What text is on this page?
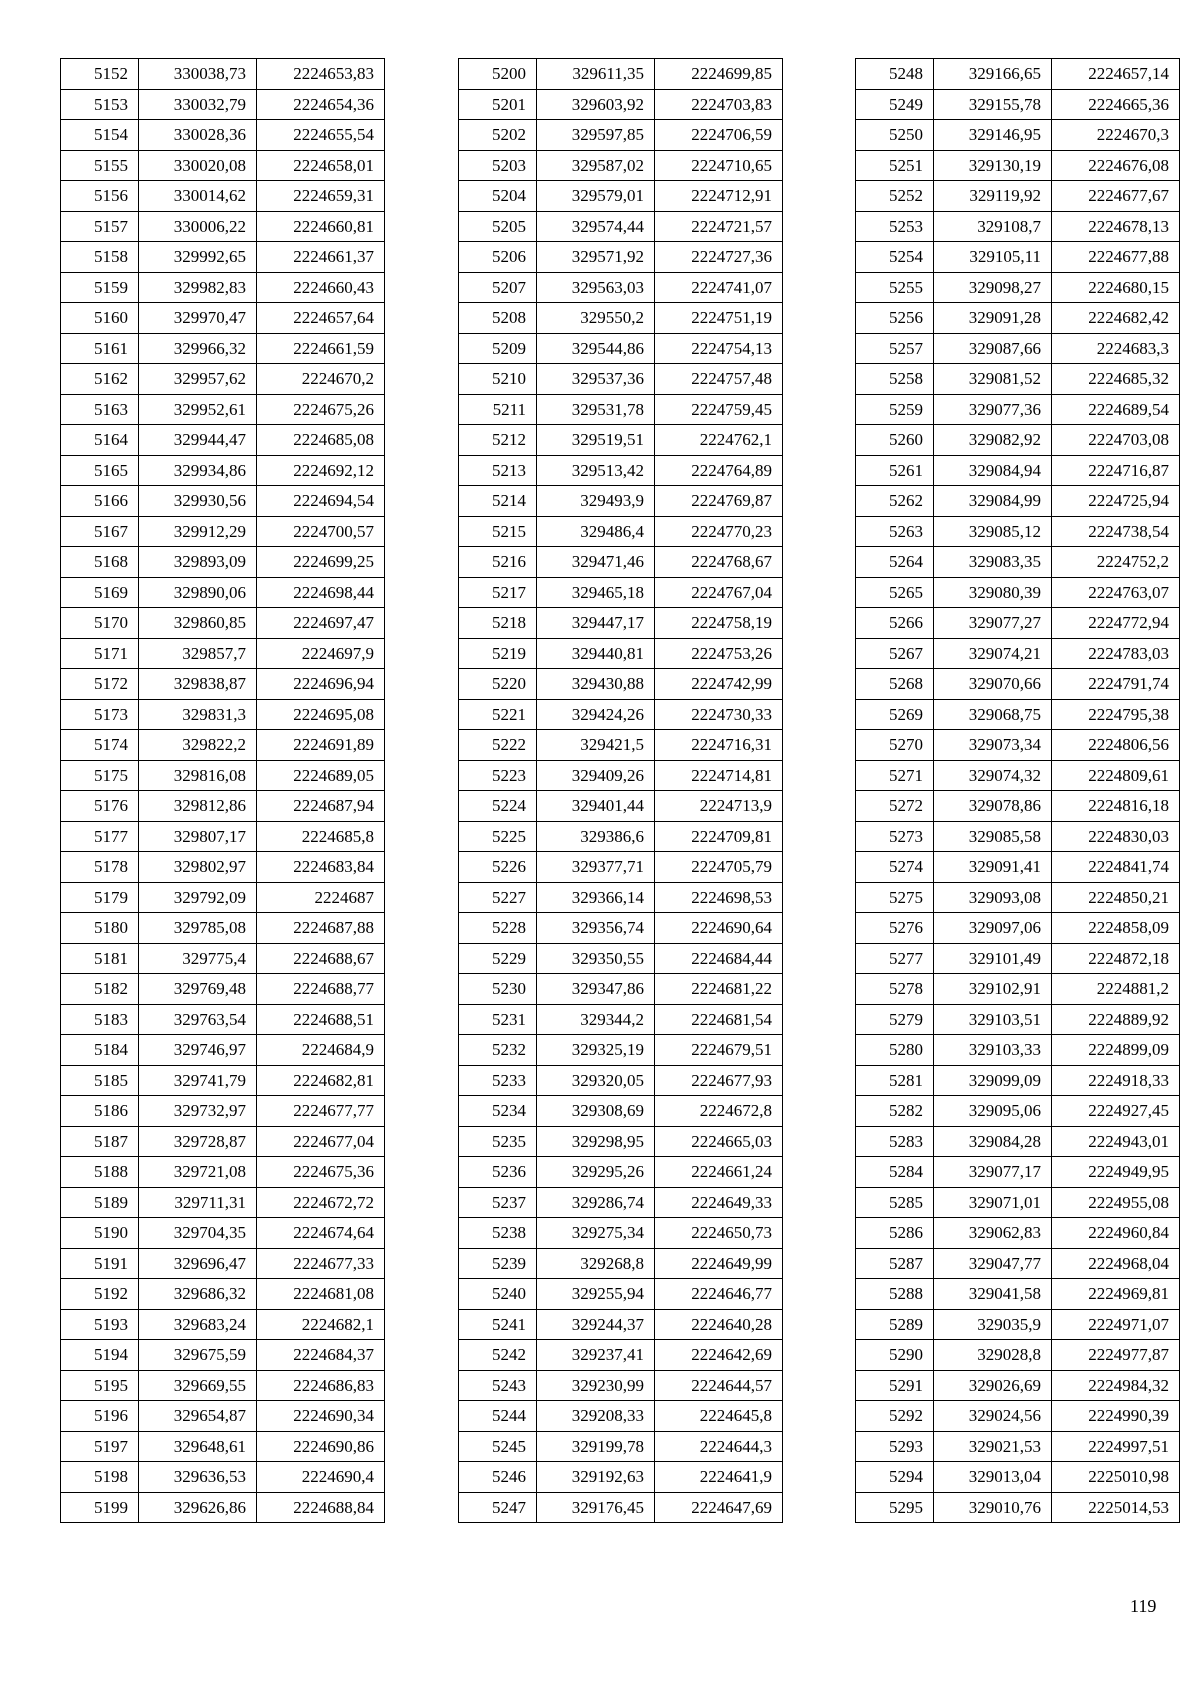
5152	330038,73	2224653,83
5153	330032,79	2224654,36
5154	330028,36	2224655,54
5155	330020,08	2224658,01
5156	330014,62	2224659,31
5157	330006,22	2224660,81
5158	329992,65	2224661,37
5159	329982,83	2224660,43
5160	329970,47	2224657,64
5161	329966,32	2224661,59
5162	329957,62	2224670,2
5163	329952,61	2224675,26
5164	329944,47	2224685,08
5165	329934,86	2224692,12
5166	329930,56	2224694,54
5167	329912,29	2224700,57
5168	329893,09	2224699,25
5169	329890,06	2224698,44
5170	329860,85	2224697,47
5171	329857,7	2224697,9
5172	329838,87	2224696,94
5173	329831,3	2224695,08
5174	329822,2	2224691,89
5175	329816,08	2224689,05
5176	329812,86	2224687,94
5177	329807,17	2224685,8
5178	329802,97	2224683,84
5179	329792,09	2224687
5180	329785,08	2224687,88
5181	329775,4	2224688,67
5182	329769,48	2224688,77
5183	329763,54	2224688,51
5184	329746,97	2224684,9
5185	329741,79	2224682,81
5186	329732,97	2224677,77
5187	329728,87	2224677,04
5188	329721,08	2224675,36
5189	329711,31	2224672,72
5190	329704,35	2224674,64
5191	329696,47	2224677,33
5192	329686,32	2224681,08
5193	329683,24	2224682,1
5194	329675,59	2224684,37
5195	329669,55	2224686,83
5196	329654,87	2224690,34
5197	329648,61	2224690,86
5198	329636,53	2224690,4
5199	329626,86	2224688,84
5200	329611,35	2224699,85
5201	329603,92	2224703,83
5202	329597,85	2224706,59
5203	329587,02	2224710,65
5204	329579,01	2224712,91
5205	329574,44	2224721,57
5206	329571,92	2224727,36
5207	329563,03	2224741,07
5208	329550,2	2224751,19
5209	329544,86	2224754,13
5210	329537,36	2224757,48
5211	329531,78	2224759,45
5212	329519,51	2224762,1
5213	329513,42	2224764,89
5214	329493,9	2224769,87
5215	329486,4	2224770,23
5216	329471,46	2224768,67
5217	329465,18	2224767,04
5218	329447,17	2224758,19
5219	329440,81	2224753,26
5220	329430,88	2224742,99
5221	329424,26	2224730,33
5222	329421,5	2224716,31
5223	329409,26	2224714,81
5224	329401,44	2224713,9
5225	329386,6	2224709,81
5226	329377,71	2224705,79
5227	329366,14	2224698,53
5228	329356,74	2224690,64
5229	329350,55	2224684,44
5230	329347,86	2224681,22
5231	329344,2	2224681,54
5232	329325,19	2224679,51
5233	329320,05	2224677,93
5234	329308,69	2224672,8
5235	329298,95	2224665,03
5236	329295,26	2224661,24
5237	329286,74	2224649,33
5238	329275,34	2224650,73
5239	329268,8	2224649,99
5240	329255,94	2224646,77
5241	329244,37	2224640,28
5242	329237,41	2224642,69
5243	329230,99	2224644,57
5244	329208,33	2224645,8
5245	329199,78	2224644,3
5246	329192,63	2224641,9
5247	329176,45	2224647,69
5248	329166,65	2224657,14
5249	329155,78	2224665,36
5250	329146,95	2224670,3
5251	329130,19	2224676,08
5252	329119,92	2224677,67
5253	329108,7	2224678,13
5254	329105,11	2224677,88
5255	329098,27	2224680,15
5256	329091,28	2224682,42
5257	329087,66	2224683,3
5258	329081,52	2224685,32
5259	329077,36	2224689,54
5260	329082,92	2224703,08
5261	329084,94	2224716,87
5262	329084,99	2224725,94
5263	329085,12	2224738,54
5264	329083,35	2224752,2
5265	329080,39	2224763,07
5266	329077,27	2224772,94
5267	329074,21	2224783,03
5268	329070,66	2224791,74
5269	329068,75	2224795,38
5270	329073,34	2224806,56
5271	329074,32	2224809,61
5272	329078,86	2224816,18
5273	329085,58	2224830,03
5274	329091,41	2224841,74
5275	329093,08	2224850,21
5276	329097,06	2224858,09
5277	329101,49	2224872,18
5278	329102,91	2224881,2
5279	329103,51	2224889,92
5280	329103,33	2224899,09
5281	329099,09	2224918,33
5282	329095,06	2224927,45
5283	329084,28	2224943,01
5284	329077,17	2224949,95
5285	329071,01	2224955,08
5286	329062,83	2224960,84
5287	329047,77	2224968,04
5288	329041,58	2224969,81
5289	329035,9	2224971,07
5290	329028,8	2224977,87
5291	329026,69	2224984,32
5292	329024,56	2224990,39
5293	329021,53	2224997,51
5294	329013,04	2225010,98
5295	329010,76	2225014,53
119
